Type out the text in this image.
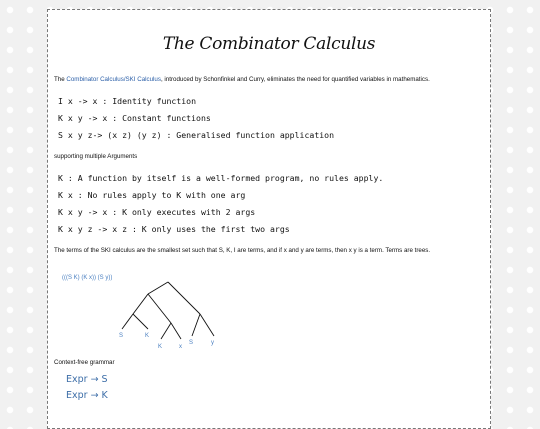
The Combinator Calculus
The Combinator Calculus/SKI Calculus, introduced by Schonfinkel and Curry, eliminates the need for quantified variables in mathematics.
I x -> x : Identity function
K x y -> x : Constant functions
S x y z-> (x z) (y z) : Generalised function application
supporting multiple Arguments
K : A function by itself is a well-formed program, no rules apply.
K x : No rules apply to K with one arg
K x y -> x : K only executes with 2 args
K x y z -> x z : K only uses the first two args
The terms of the SKI calculus are the smallest set such that S, K, I are terms, and if x and y are terms, then x y is a term. Terms are trees.
(((S K) (K x)) (S y))
S	K
K	x
S	y
Context-free grammar
Expr → S
Expr → K
